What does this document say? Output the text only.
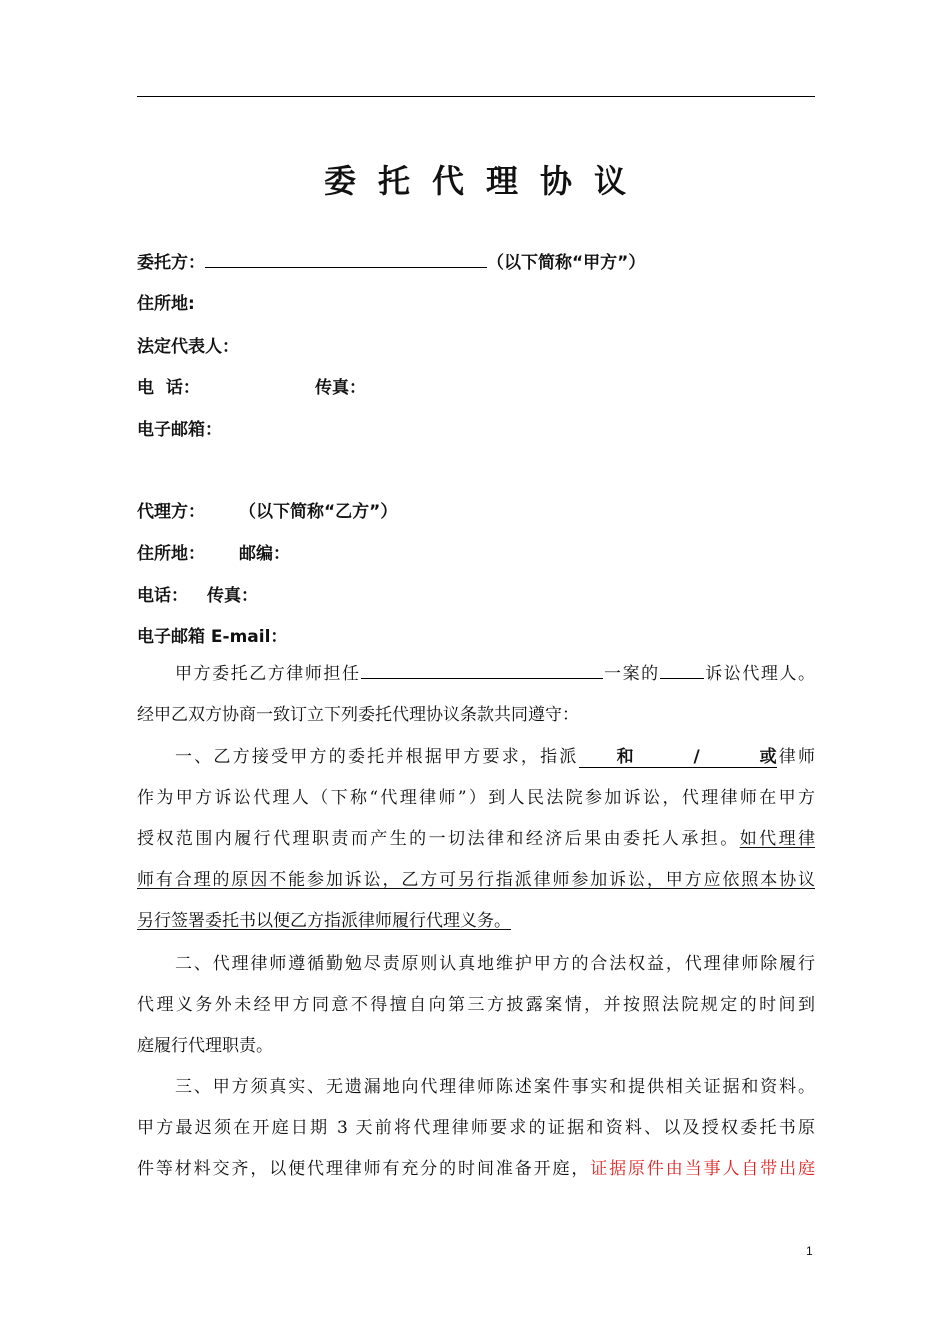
委托代理协议
委托方：	（以下简称“甲方”）
住所地:
法定代表人：
电  话：	传真：
电子邮箱：
代理方： （以下简称“乙方”）
住所地： 邮编：
电话： 传真：
电子邮箱 E-mail：
甲方委托乙方律师担任	一案的	诉讼代理人。
经甲乙双方协商一致订立下列委托代理协议条款共同遵守：
一、乙方接受甲方的委托并根据甲方要求，指派 和/或律师
作为甲方诉讼代理人（下称“代理律师”）到人民法院参加诉讼，代理律师在甲方
授权范围内履行代理职责而产生的一切法律和经济后果由委托人承担。如代理律
师有合理的原因不能参加诉讼，乙方可另行指派律师参加诉讼，甲方应依照本协议
另行签署委托书以便乙方指派律师履行代理义务。
二、代理律师遵循勤勉尽责原则认真地维护甲方的合法权益，代理律师除履行
代理义务外未经甲方同意不得擅自向第三方披露案情，并按照法院规定的时间到
庭履行代理职责。
三、甲方须真实、无遗漏地向代理律师陈述案件事实和提供相关证据和资料。
甲方最迟须在开庭日期 3 天前将代理律师要求的证据和资料、以及授权委托书原
件等材料交齐，以便代理律师有充分的时间准备开庭，证据原件由当事人自带出庭
1
